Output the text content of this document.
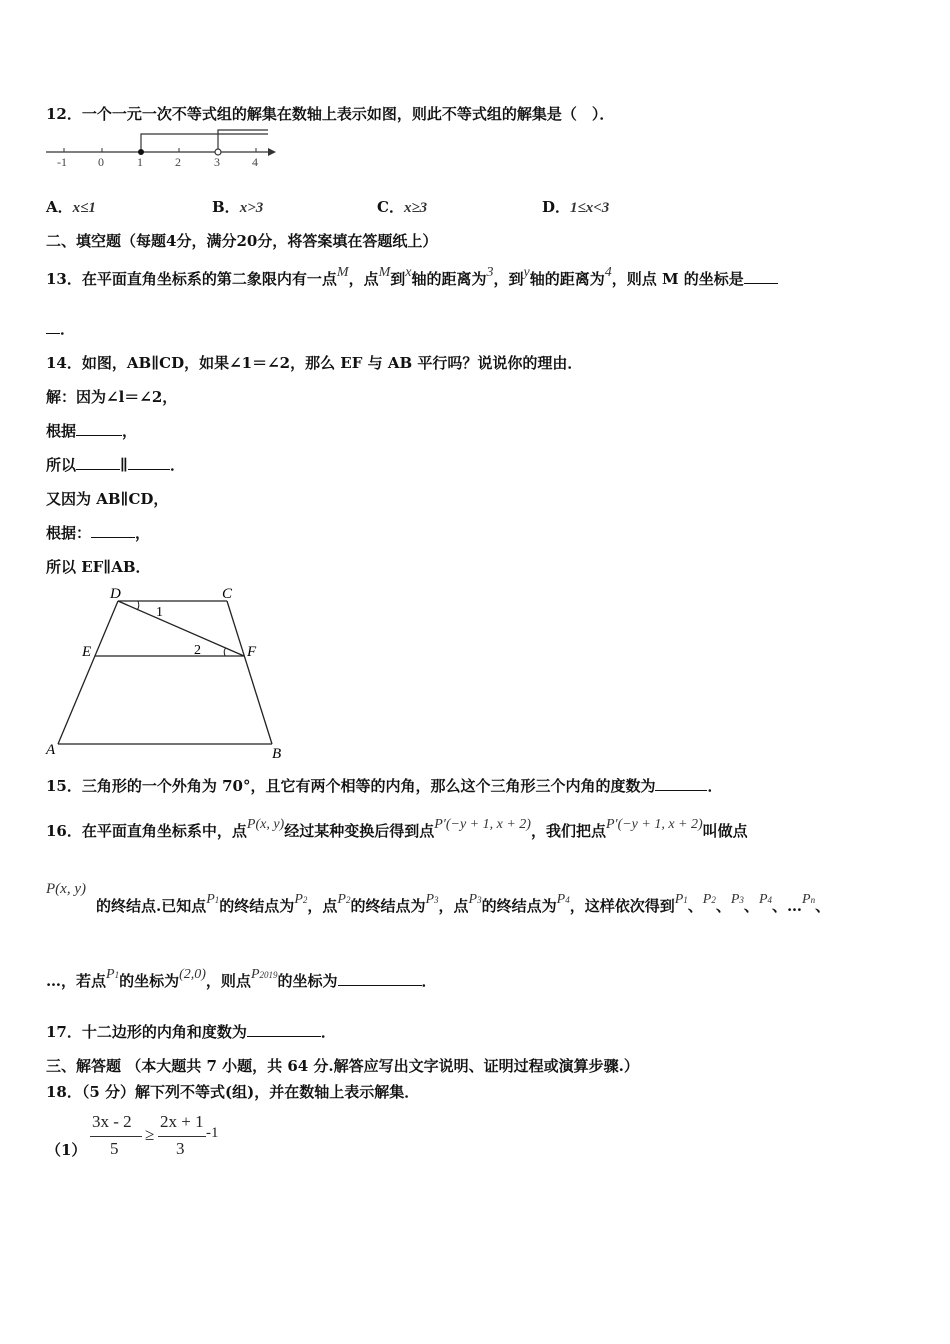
12．一个一元一次不等式组的解集在数轴上表示如图，则此不等式组的解集是（　）．
-1	0	1	2	3	4
A．x≤1	B．x>3	C．x≥3	D．1≤x<3
二、填空题（每题4分，满分20分，将答案填在答题纸上）
13．在平面直角坐标系的第二象限内有一点M，点M到x轴的距离为3，到y轴的距离为4，则点 M 的坐标是
．
14．如图，AB∥CD，如果∠1＝∠2，那么 EF 与 AB 平行吗？说说你的理由．
解：因为∠l＝∠2，
根据	，
所以	∥	．
又因为 AB∥CD，
根据：	，
所以 EF∥AB．
D	C
E	F
A	B
1
2
15．三角形的一个外角为 70°，且它有两个相等的内角，那么这个三角形三个内角的度数为	．
16．在平面直角坐标系中，点P(x, y)经过某种变换后得到点P′(−y + 1, x + 2)，我们把点P′(−y + 1, x + 2)叫做点
P(x, y)
的终结点.已知点P1的终结点为P2，点P2的终结点为P3，点P3的终结点为P4，这样依次得到P1、P2、P3、P4、…Pn、
…，若点P1的坐标为(2,0)，则点P2019的坐标为	．
17．十二边形的内角和度数为	．
三、解答题 （本大题共 7 小题，共 64 分.解答应写出文字说明、证明过程或演算步骤.）
18．（5 分）解下列不等式(组)，并在数轴上表示解集．
（1）
3x - 2
5
≥
2x + 1
3
-1
